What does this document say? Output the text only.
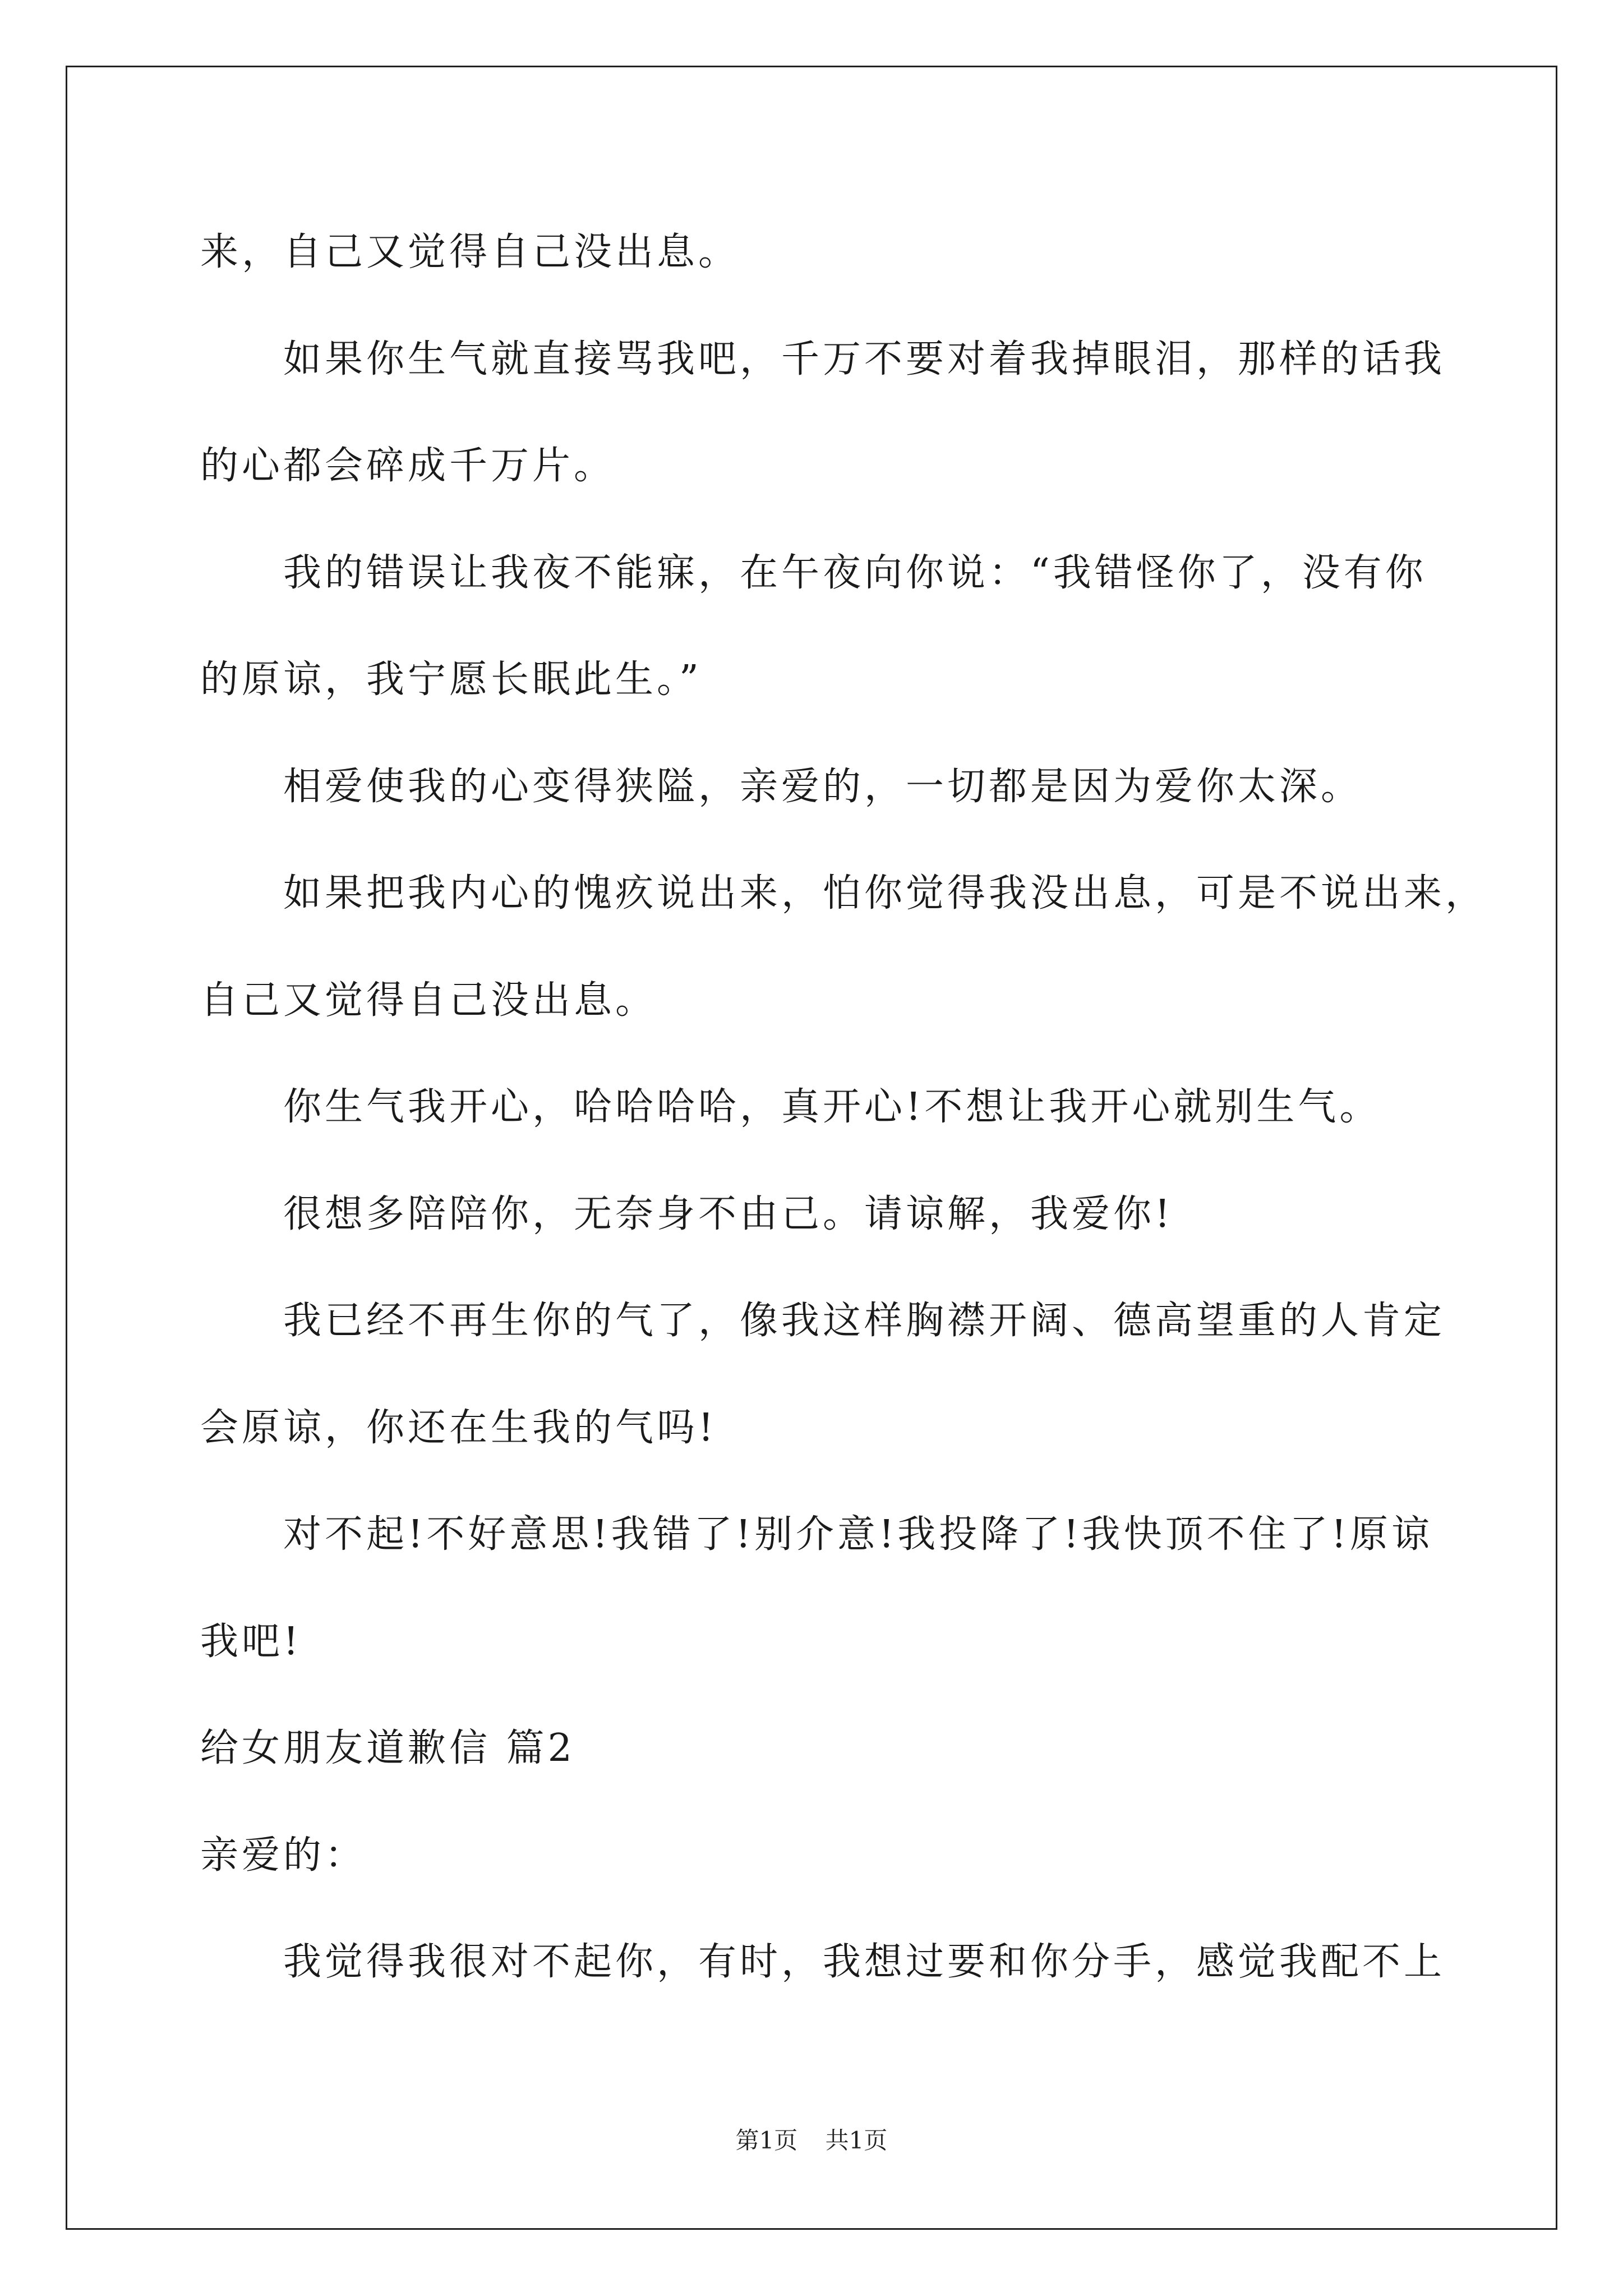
来，自己又觉得自己没出息。
如果你生气就直接骂我吧，千万不要对着我掉眼泪，那样的话我
的心都会碎成千万片。
我的错误让我夜不能寐，在午夜向你说：“我错怪你了，没有你
的原谅，我宁愿长眠此生。”
相爱使我的心变得狭隘，亲爱的，一切都是因为爱你太深。
如果把我内心的愧疚说出来，怕你觉得我没出息，可是不说出来，
自己又觉得自己没出息。
你生气我开心，哈哈哈哈，真开心!不想让我开心就别生气。
很想多陪陪你，无奈身不由己。请谅解，我爱你!
我已经不再生你的气了，像我这样胸襟开阔、德高望重的人肯定
会原谅，你还在生我的气吗!
对不起!不好意思!我错了!别介意!我投降了!我快顶不住了!原谅
我吧!
给女朋友道歉信 篇2
亲爱的：
我觉得我很对不起你，有时，我想过要和你分手，感觉我配不上
第1页 共1页
